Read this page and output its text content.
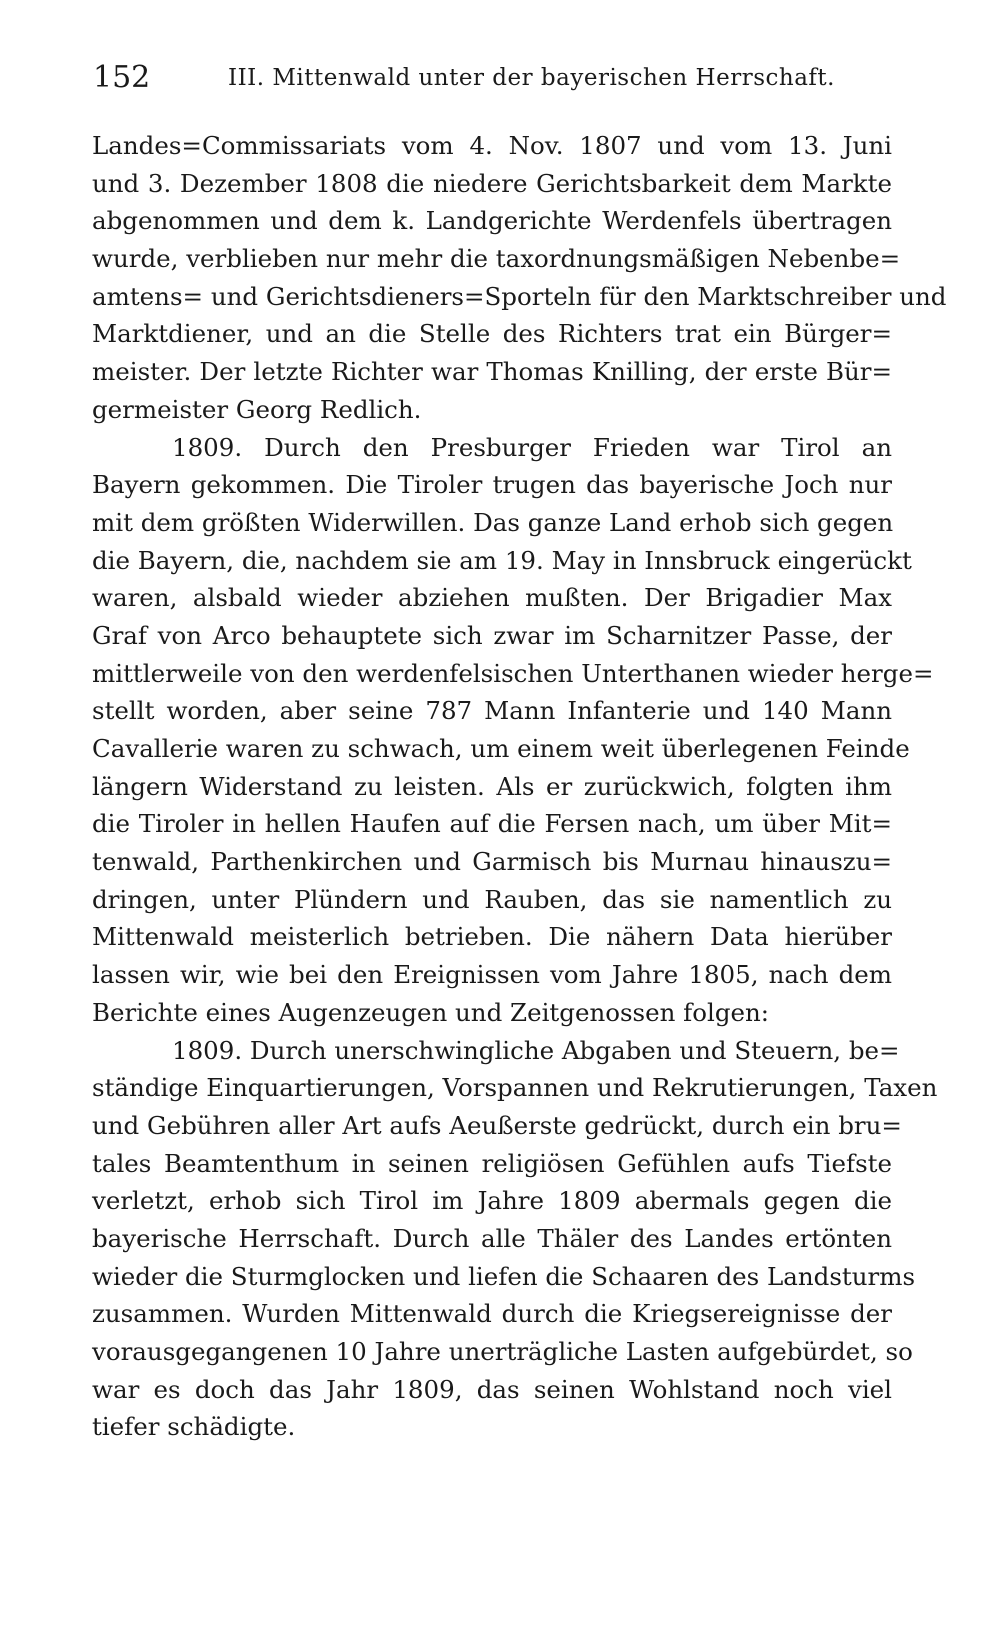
152	III. Mittenwald unter der bayerischen Herrschaft.
Landes=Commissariats vom 4. Nov. 1807 und vom 13. Juni
und 3. Dezember 1808 die niedere Gerichtsbarkeit dem Markte
abgenommen und dem k. Landgerichte Werdenfels übertragen
wurde, verblieben nur mehr die taxordnungsmäßigen Nebenbe=
amtens= und Gerichtsdieners=Sporteln für den Marktschreiber und
Marktdiener, und an die Stelle des Richters trat ein Bürger=
meister. Der letzte Richter war Thomas Knilling, der erste Bür=
germeister Georg Redlich.
1809. Durch den Presburger Frieden war Tirol an
Bayern gekommen. Die Tiroler trugen das bayerische Joch nur
mit dem größten Widerwillen. Das ganze Land erhob sich gegen
die Bayern, die, nachdem sie am 19. May in Innsbruck eingerückt
waren, alsbald wieder abziehen mußten. Der Brigadier Max
Graf von Arco behauptete sich zwar im Scharnitzer Passe, der
mittlerweile von den werdenfelsischen Unterthanen wieder herge=
stellt worden, aber seine 787 Mann Infanterie und 140 Mann
Cavallerie waren zu schwach, um einem weit überlegenen Feinde
längern Widerstand zu leisten. Als er zurückwich, folgten ihm
die Tiroler in hellen Haufen auf die Fersen nach, um über Mit=
tenwald, Parthenkirchen und Garmisch bis Murnau hinauszu=
dringen, unter Plündern und Rauben, das sie namentlich zu
Mittenwald meisterlich betrieben. Die nähern Data hierüber
lassen wir, wie bei den Ereignissen vom Jahre 1805, nach dem
Berichte eines Augenzeugen und Zeitgenossen folgen:
1809. Durch unerschwingliche Abgaben und Steuern, be=
ständige Einquartierungen, Vorspannen und Rekrutierungen, Taxen
und Gebühren aller Art aufs Aeußerste gedrückt, durch ein bru=
tales Beamtenthum in seinen religiösen Gefühlen aufs Tiefste
verletzt, erhob sich Tirol im Jahre 1809 abermals gegen die
bayerische Herrschaft. Durch alle Thäler des Landes ertönten
wieder die Sturmglocken und liefen die Schaaren des Landsturms
zusammen. Wurden Mittenwald durch die Kriegsereignisse der
vorausgegangenen 10 Jahre unerträgliche Lasten aufgebürdet, so
war es doch das Jahr 1809, das seinen Wohlstand noch viel
tiefer schädigte.
